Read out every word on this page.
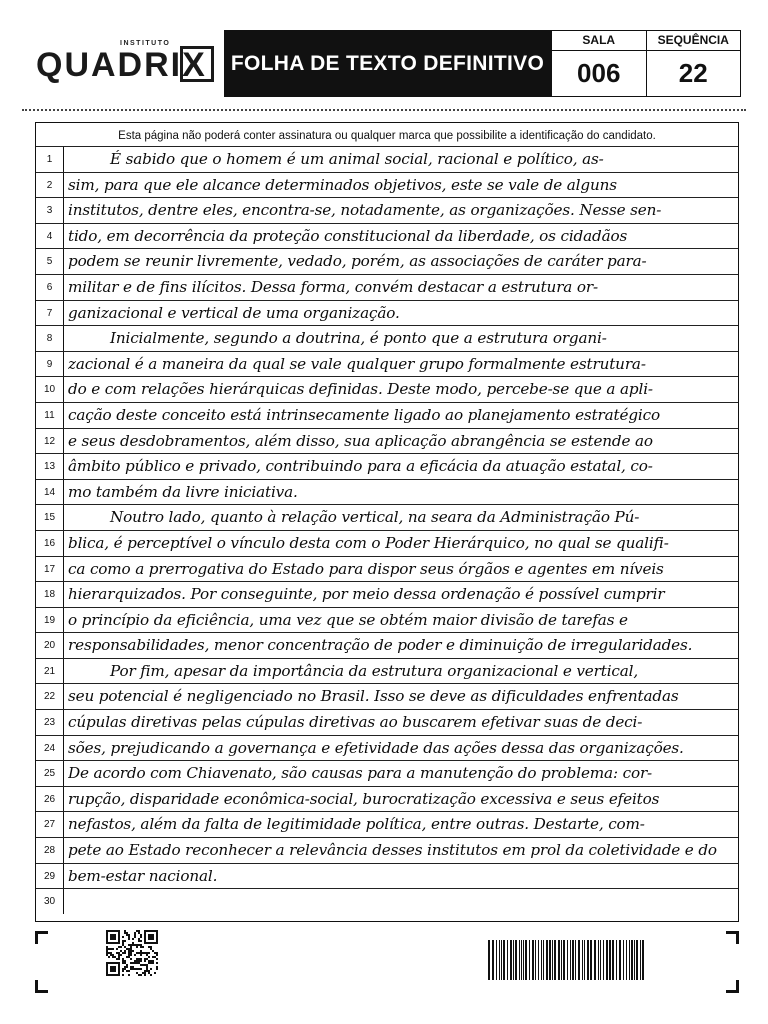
INSTITUTO
QUADRIX	FOLHA DE TEXTO DEFINITIVO
SALA
006
SEQUÊNCIA
22
Esta página não poderá conter assinatura ou qualquer marca que possibilite a identificação do candidato.
1	É sabido que o homem é um animal social, racional e político, as-
2	sim, para que ele alcance determinados objetivos, este se vale de alguns
3	institutos, dentre eles, encontra-se, notadamente, as organizações. Nesse sen-
4	tido, em decorrência da proteção constitucional da liberdade, os cidadãos
5	podem se reunir livremente, vedado, porém, as associações de caráter para-
6	militar e de fins ilícitos. Dessa forma, convém destacar a estrutura or-
7	ganizacional e vertical de uma organização.
8	Inicialmente, segundo a doutrina, é ponto que a estrutura organi-
9	zacional é a maneira da qual se vale qualquer grupo formalmente estrutura-
10 do e com relações hierárquicas definidas. Deste modo, percebe-se que a apli-
11 cação deste conceito está intrinsecamente ligado ao planejamento estratégico
12 e seus desdobramentos, além disso, sua aplicação abrangência se estende ao
13 âmbito público e privado, contribuindo para a eficácia da atuação estatal, co-
14 mo também da livre iniciativa.
15	Noutro lado, quanto à relação vertical, na seara da Administração Pú-
16 blica, é perceptível o vínculo desta com o Poder Hierárquico, no qual se qualifi-
17 ca como a prerrogativa do Estado para dispor seus órgãos e agentes em níveis
18 hierarquizados. Por conseguinte, por meio dessa ordenação é possível cumprir
19 o princípio da eficiência, uma vez que se obtém maior divisão de tarefas e
20 responsabilidades, menor concentração de poder e diminuição de irregularidades.
21	Por fim, apesar da importância da estrutura organizacional e vertical,
22 seu potencial é negligenciado no Brasil. Isso se deve as dificuldades enfrentadas
23 cúpulas diretivas pelas cúpulas diretivas ao buscarem efetivar suas de deci-
24 sões, prejudicando a governança e efetividade das ações dessa das organizações.
25 De acordo com Chiavenato, são causas para a manutenção do problema: cor-
26 rupção, disparidade econômica-social, burocratização excessiva e seus efeitos
27 nefastos, além da falta de legitimidade política, entre outras. Destarte, com-
28 pete ao Estado reconhecer a relevância desses institutos em prol da coletividade e do
29 bem-estar nacional.
30
